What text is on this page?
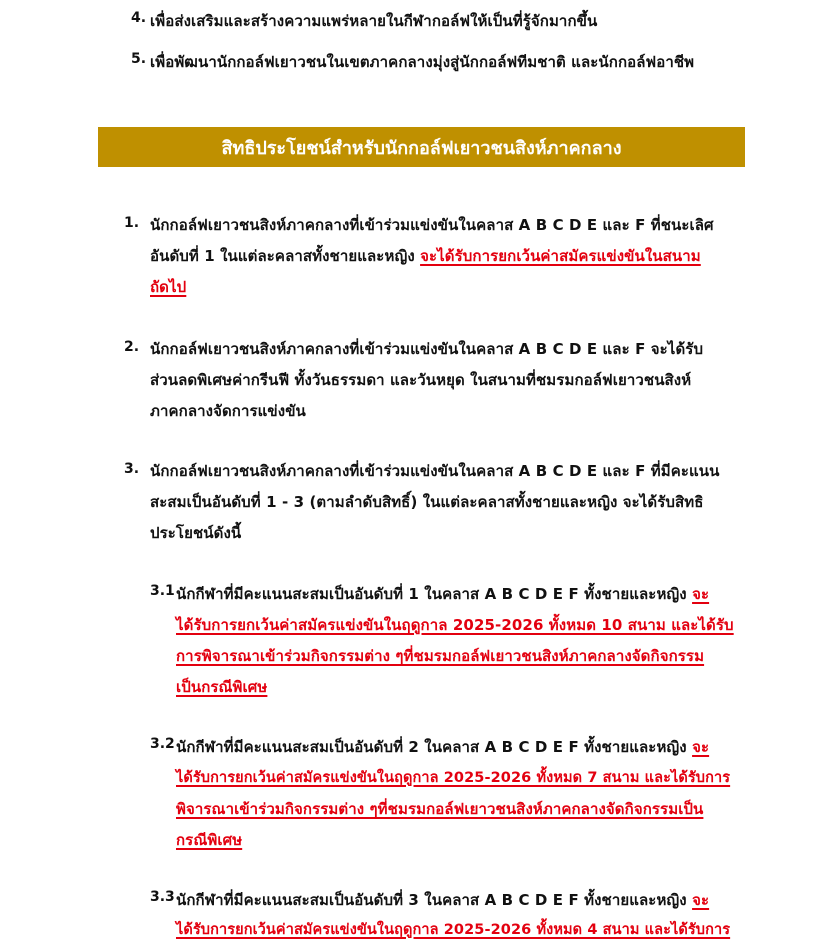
4. เพื่อส่งเสริมและสร้างความแพร่หลายในกีฬากอล์ฟให้เป็นที่รู้จักมากขึ้น
5. เพื่อพัฒนานักกอล์ฟเยาวชนในเขตภาคกลางมุ่งสู่นักกอล์ฟทีมชาติ และนักกอล์ฟอาชีพ
สิทธิประโยชน์สำหรับนักกอล์ฟเยาวชนสิงห์ภาคกลาง
1. นักกอล์ฟเยาวชนสิงห์ภาคกลางที่เข้าร่วมแข่งขันในคลาส A B C D E และ F ที่ชนะเลิศ
อันดับที่ 1 ในแต่ละคลาสทั้งชายและหญิง จะได้รับการยกเว้นค่าสมัครแข่งขันในสนาม
ถัดไป
2. นักกอล์ฟเยาวชนสิงห์ภาคกลางที่เข้าร่วมแข่งขันในคลาส A B C D E และ F จะได้รับ
ส่วนลดพิเศษค่ากรีนฟี ทั้งวันธรรมดา และวันหยุด ในสนามที่ชมรมกอล์ฟเยาวชนสิงห์
ภาคกลางจัดการแข่งขัน
3. นักกอล์ฟเยาวชนสิงห์ภาคกลางที่เข้าร่วมแข่งขันในคลาส A B C D E และ F ที่มีคะแนน
สะสมเป็นอันดับที่ 1 - 3 (ตามลำดับสิทธิ์) ในแต่ละคลาสทั้งชายและหญิง จะได้รับสิทธิ
ประโยชน์ดังนี้
3.1 นักกีฬาที่มีคะแนนสะสมเป็นอันดับที่ 1 ในคลาส A B C D E F ทั้งชายและหญิง จะ
ได้รับการยกเว้นค่าสมัครแข่งขันในฤดูกาล 2025-2026 ทั้งหมด 10 สนาม และได้รับ
การพิจารณาเข้าร่วมกิจกรรมต่าง ๆที่ชมรมกอล์ฟเยาวชนสิงห์ภาคกลางจัดกิจกรรม
เป็นกรณีพิเศษ
3.2 นักกีฬาที่มีคะแนนสะสมเป็นอันดับที่ 2 ในคลาส A B C D E F ทั้งชายและหญิง จะ
ได้รับการยกเว้นค่าสมัครแข่งขันในฤดูกาล 2025-2026 ทั้งหมด 7 สนาม และได้รับการ
พิจารณาเข้าร่วมกิจกรรมต่าง ๆที่ชมรมกอล์ฟเยาวชนสิงห์ภาคกลางจัดกิจกรรมเป็น
กรณีพิเศษ
3.3 นักกีฬาที่มีคะแนนสะสมเป็นอันดับที่ 3 ในคลาส A B C D E F ทั้งชายและหญิง จะ
ได้รับการยกเว้นค่าสมัครแข่งขันในฤดูกาล 2025-2026 ทั้งหมด 4 สนาม และได้รับการ
